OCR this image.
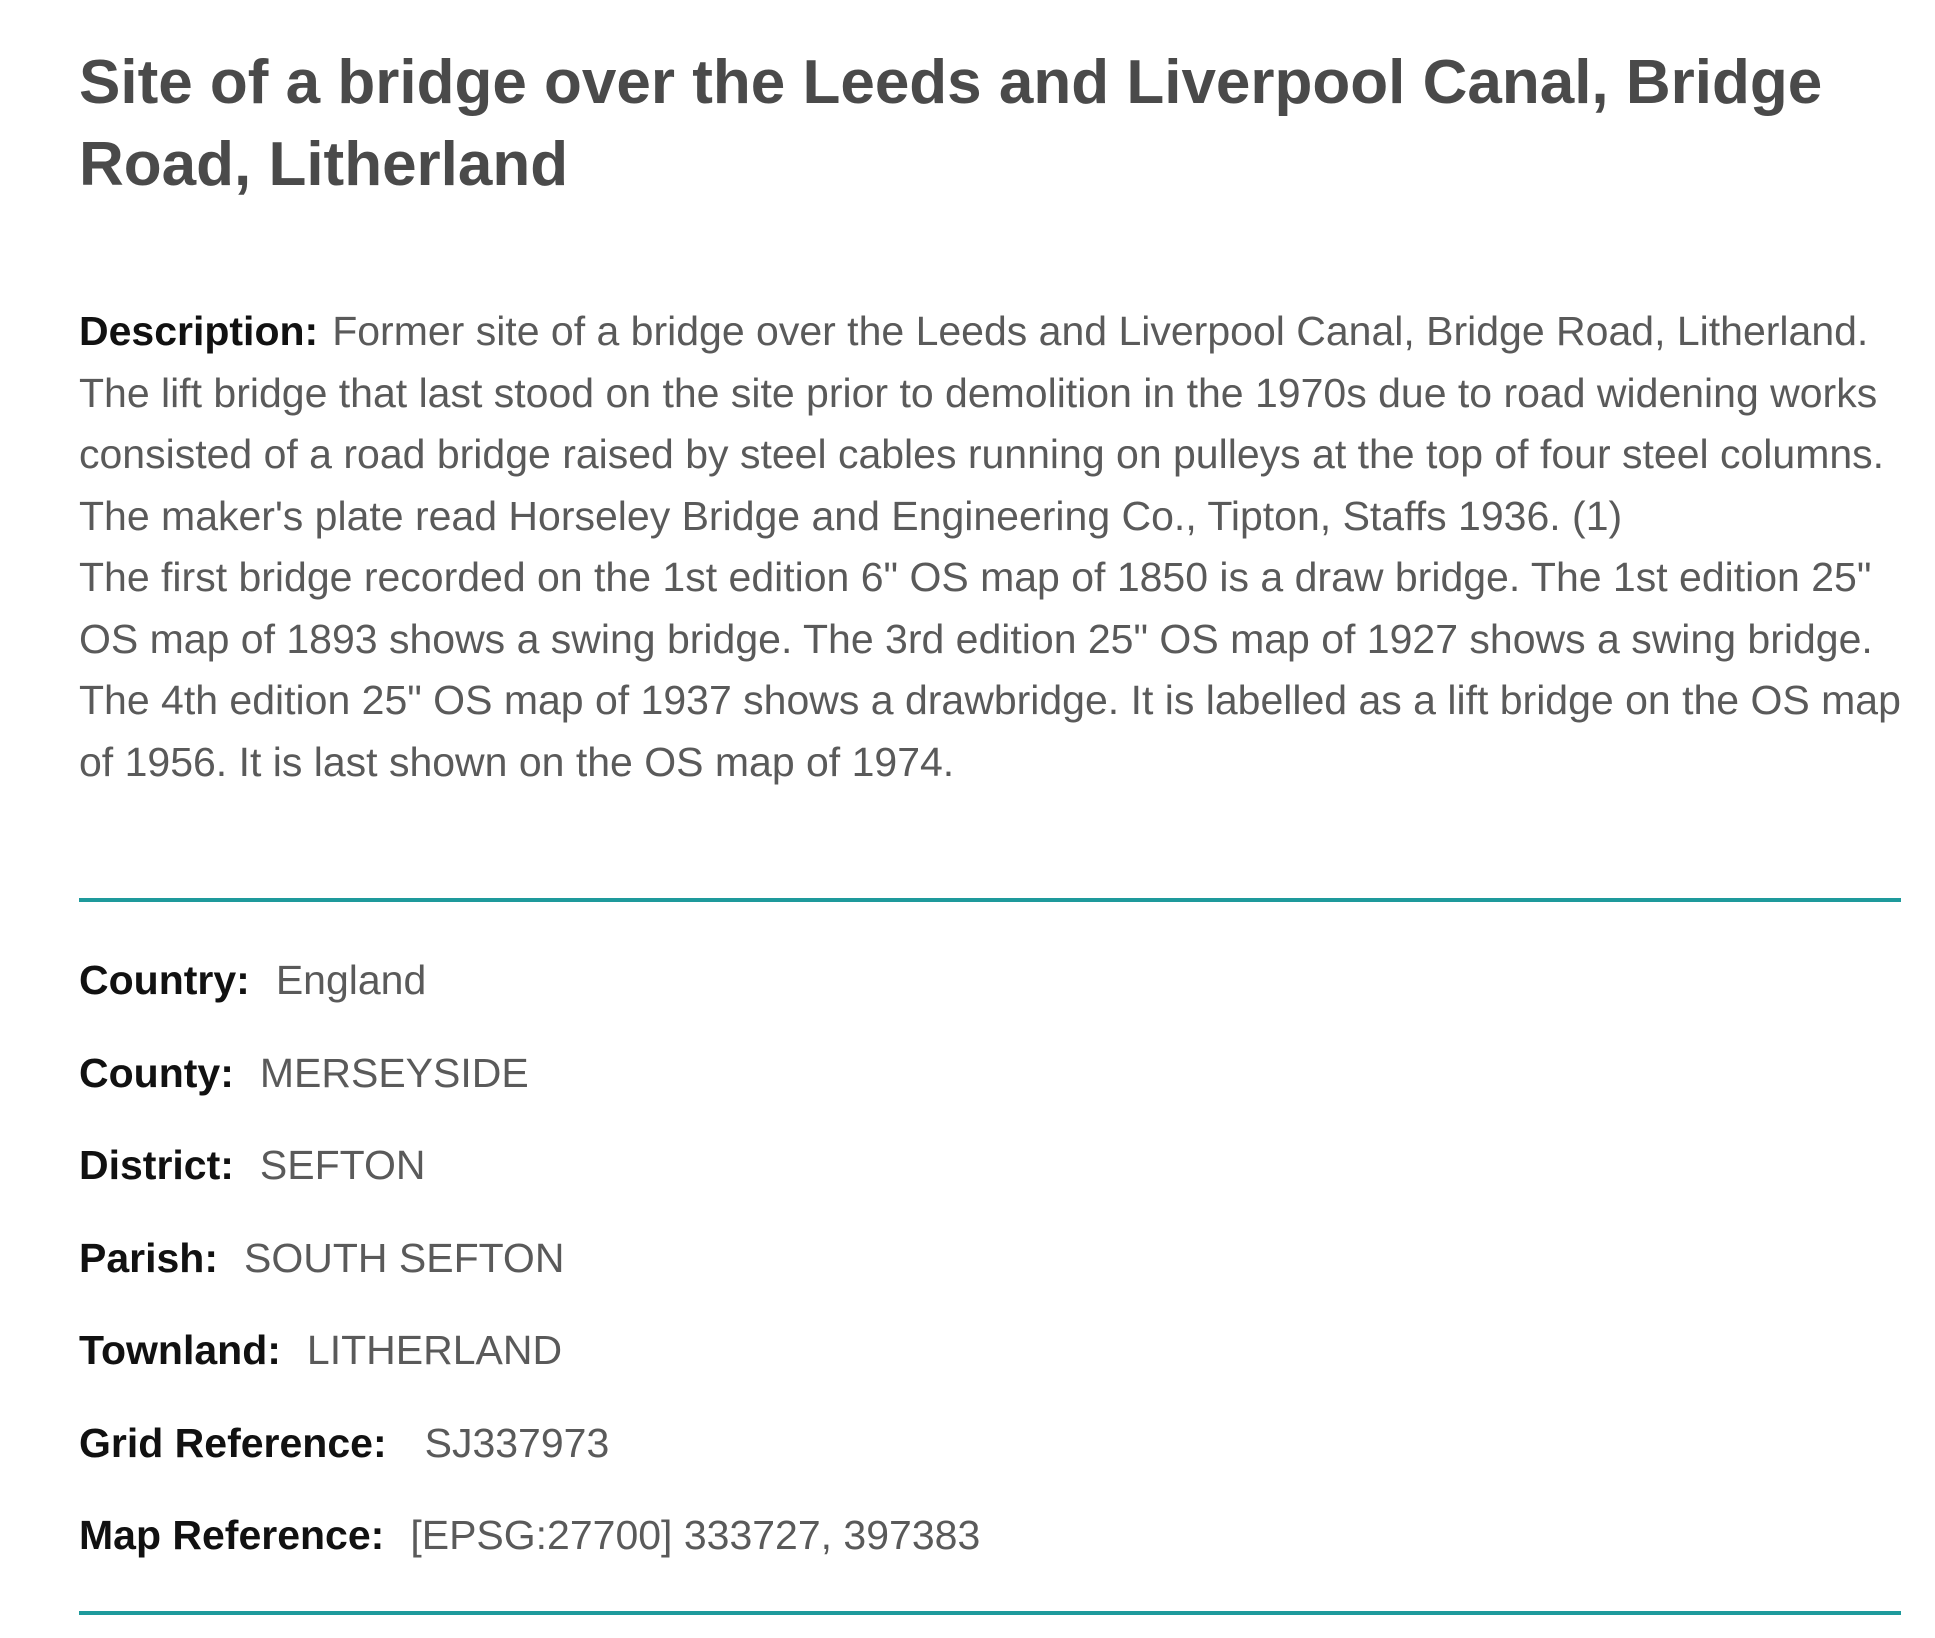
Site of a bridge over the Leeds and Liverpool Canal, Bridge Road, Litherland
Description: Former site of a bridge over the Leeds and Liverpool Canal, Bridge Road, Litherland. The lift bridge that last stood on the site prior to demolition in the 1970s due to road widening works consisted of a road bridge raised by steel cables running on pulleys at the top of four steel columns. The maker's plate read Horseley Bridge and Engineering Co., Tipton, Staffs 1936. (1)
The first bridge recorded on the 1st edition 6" OS map of 1850 is a draw bridge. The 1st edition 25" OS map of 1893 shows a swing bridge. The 3rd edition 25" OS map of 1927 shows a swing bridge. The 4th edition 25" OS map of 1937 shows a drawbridge. It is labelled as a lift bridge on the OS map of 1956. It is last shown on the OS map of 1974.
Country: England
County: MERSEYSIDE
District: SEFTON
Parish: SOUTH SEFTON
Townland: LITHERLAND
Grid Reference: SJ337973
Map Reference: [EPSG:27700] 333727, 397383
